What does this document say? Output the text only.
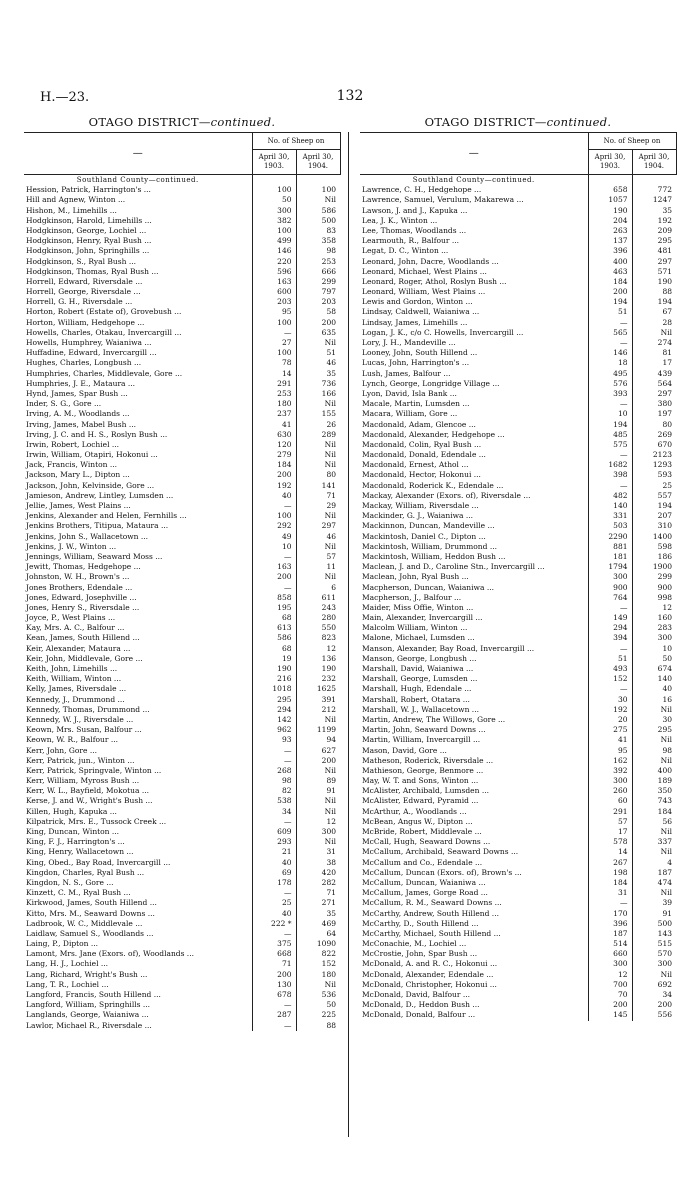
H.—23.	132
OTAGO DISTRICT—continued.
—	No. of Sheep on	
	April 30, 1903.	April 30, 1904.
Southland County—continued.		
Hession, Patrick, Harrington's ...	100	100
Hill and Agnew, Winton ...	50	Nil
Hishon, M., Limehills ...	300	586
Hodgkinson, Harold, Limehills ...	382	500
Hodgkinson, George, Lochiel ...	100	83
Hodgkinson, Henry, Ryal Bush ...	499	358
Hodgkinson, John, Springhills ...	146	98
Hodgkinson, S., Ryal Bush ...	220	253
Hodgkinson, Thomas, Ryal Bush ...	596	666
Horrell, Edward, Riversdale ...	163	299
Horrell, George, Riversdale ...	600	797
Horrell, G. H., Riversdale ...	203	203
Horton, Robert (Estate of), Grovebush ...	95	58
Horton, William, Hedgehope ...	100	200
Howells, Charles, Otakau, Invercargill ...	—	635
Howells, Humphrey, Waianiwa ...	27	Nil
Huffadine, Edward, Invercargill ...	100	51
Hughes, Charles, Longbush ...	78	46
Humphries, Charles, Middlevale, Gore ...	14	35
Humphries, J. E., Mataura ...	291	736
Hynd, James, Spar Bush ...	253	166
Inder, S. G., Gore ...	180	Nil
Irving, A. M., Woodlands ...	237	155
Irving, James, Mabel Bush ...	41	26
Irving, J. C. and H. S., Roslyn Bush ...	630	289
Irwin, Robert, Lochiel ...	120	Nil
Irwin, William, Otapiri, Hokonui ...	279	Nil
Jack, Francis, Winton ...	184	Nil
Jackson, Mary L., Dipton ...	200	80
Jackson, John, Kelvinside, Gore ...	192	141
Jamieson, Andrew, Lintley, Lumsden ...	40	71
Jellie, James, West Plains ...	—	29
Jenkins, Alexander and Helen, Fernhills ...	100	Nil
Jenkins Brothers, Titipua, Mataura ...	292	297
Jenkins, John S., Wallacetown ...	49	46
Jenkins, J. W., Winton ...	10	Nil
Jennings, William, Seaward Moss ...	—	57
Jewitt, Thomas, Hedgehope ...	163	11
Johnston, W. H., Brown's ...	200	Nil
Jones Brothers, Edendale ...	—	6
Jones, Edward, Josephville ...	858	611
Jones, Henry S., Riversdale ...	195	243
Joyce, P., West Plains ...	68	280
Kay, Mrs. A. C., Balfour ...	613	550
Kean, James, South Hillend ...	586	823
Keir, Alexander, Mataura ...	68	12
Keir, John, Middlevale, Gore ...	19	136
Keith, John, Limehills ...	190	190
Keith, William, Winton ...	216	232
Kelly, James, Riversdale ...	1018	1625
Kennedy, J., Drummond ...	295	391
Kennedy, Thomas, Drummond ...	294	212
Kennedy, W. J., Riversdale ...	142	Nil
Keown, Mrs. Susan, Balfour ...	962	1199
Keown, W. R., Balfour ...	93	94
Kerr, John, Gore ...	—	627
Kerr, Patrick, jun., Winton ...	—	200
Kerr, Patrick, Springvale, Winton ...	268	Nil
Kerr, William, Myross Bush ...	98	89
Kerr, W. L., Bayfield, Mokotua ...	82	91
Kerse, J. and W., Wright's Bush ...	538	Nil
Killen, Hugh, Kapuka ...	34	Nil
Kilpatrick, Mrs. E., Tussock Creek ...	—	12
King, Duncan, Winton ...	609	300
King, F. J., Harrington's ...	293	Nil
King, Henry, Wallacetown ...	21	31
King, Obed., Bay Road, Invercargill ...	40	38
Kingdon, Charles, Ryal Bush ...	69	420
Kingdon, N. S., Gore ...	178	282
Kinzett, C. M., Ryal Bush ...	—	71
Kirkwood, James, South Hillend ...	25	271
Kitto, Mrs. M., Seaward Downs ...	40	35
Ladbrook, W. C., Middlevale ...	222 *	469
Laidlaw, Samuel S., Woodlands ...	—	64
Laing, P., Dipton ...	375	1090
Lamont, Mrs. Jane (Exors. of), Woodlands ...	668	822
Lang, H. J., Lochiel ...	71	152
Lang, Richard, Wright's Bush ...	200	180
Lang, T. R., Lochiel ...	130	Nil
Langford, Francis, South Hillend ...	678	536
Langford, William, Springhills ...	—	50
Langlands, George, Waianiwa ...	287	225
Lawlor, Michael R., Riversdale ...	—	88
OTAGO DISTRICT—continued.
—	No. of Sheep on	
	April 30, 1903.	April 30, 1904.
Southland County—continued.		
Lawrence, C. H., Hedgehope ...	658	772
Lawrence, Samuel, Verulum, Makarewa ...	1057	1247
Lawson, J. and J., Kapuka ...	190	35
Lea, J. K., Winton ...	204	192
Lee, Thomas, Woodlands ...	263	209
Learmouth, R., Balfour ...	137	295
Legat, D. C., Winton ...	396	481
Leonard, John, Dacre, Woodlands ...	400	297
Leonard, Michael, West Plains ...	463	571
Leonard, Roger, Athol, Roslyn Bush ...	184	190
Leonard, William, West Plains ...	200	88
Lewis and Gordon, Winton ...	194	194
Lindsay, Caldwell, Waianiwa ...	51	67
Lindsay, James, Limehills ...	—	28
Logan, J. K., c/o C. Howells, Invercargill ...	565	Nil
Lory, J. H., Mandeville ...	—	274
Looney, John, South Hillend ...	146	81
Lucas, John, Harrington's ...	18	17
Lush, James, Balfour ...	495	439
Lynch, George, Longridge Village ...	576	564
Lyon, David, Isla Bank ...	393	297
Macale, Martin, Lumsden ...	—	380
Macara, William, Gore ...	10	197
Macdonald, Adam, Glencoe ...	194	80
Macdonald, Alexander, Hedgehope ...	485	269
Macdonald, Colin, Ryal Bush ...	575	670
Macdonald, Donald, Edendale ...	—	2123
Macdonald, Ernest, Athol ...	1682	1293
Macdonald, Hector, Hokonui ...	398	593
Macdonald, Roderick K., Edendale ...	—	25
Mackay, Alexander (Exors. of), Riversdale ...	482	557
Mackay, William, Riversdale ...	140	194
Mackinder, G. J., Waianiwa ...	331	207
Mackinnon, Duncan, Mandeville ...	503	310
Mackintosh, Daniel C., Dipton ...	2290	1400
Mackintosh, William, Drummond ...	881	598
Mackintosh, William, Heddon Bush ...	181	186
Maclean, J. and D., Caroline Stn., Invercargill ...	1794	1900
Maclean, John, Ryal Bush ...	300	299
Macpherson, Duncan, Waianiwa ...	900	900
Macpherson, J., Balfour ...	764	998
Maider, Miss Offie, Winton ...	—	12
Main, Alexander, Invercargill ...	149	160
Malcolm William, Winton ...	294	283
Malone, Michael, Lumsden ...	394	300
Manson, Alexander, Bay Road, Invercargill ...	—	10
Manson, George, Longbush ...	51	50
Marshall, David, Waianiwa ...	493	674
Marshall, George, Lumsden ...	152	140
Marshall, Hugh, Edendale ...	—	40
Marshall, Robert, Otatara ...	30	16
Marshall, W. J., Wallacetown ...	192	Nil
Martin, Andrew, The Willows, Gore ...	20	30
Martin, John, Seaward Downs ...	275	295
Martin, William, Invercargill ...	41	Nil
Mason, David, Gore ...	95	98
Matheson, Roderick, Riversdale ...	162	Nil
Mathieson, George, Benmore ...	392	400
May, W. T. and Sons, Winton ...	300	189
McAlister, Archibald, Lumsden ...	260	350
McAlister, Edward, Pyramid ...	60	743
McArthur, A., Woodlands ...	291	184
McBean, Angus W., Dipton ...	57	56
McBride, Robert, Middlevale ...	17	Nil
McCall, Hugh, Seaward Downs ...	578	337
McCallum, Archibald, Seaward Downs ...	14	Nil
McCallum and Co., Edendale ...	267	4
McCallum, Duncan (Exors. of), Brown's ...	198	187
McCallum, Duncan, Waianiwa ...	184	474
McCallum, James, Gorge Road ...	31	Nil
McCallum, R. M., Seaward Downs ...	—	39
McCarthy, Andrew, South Hillend ...	170	91
McCarthy, D., South Hillend ...	396	500
McCarthy, Michael, South Hillend ...	187	143
McConachie, M., Lochiel ...	514	515
McCrostie, John, Spar Bush ...	660	570
McDonald, A. and R. C., Hokonui ...	300	300
McDonald, Alexander, Edendale ...	12	Nil
McDonald, Christopher, Hokonui ...	700	692
McDonald, David, Balfour ...	70	34
McDonald, D., Heddon Bush ...	200	200
McDonald, Donald, Balfour ...	145	556
